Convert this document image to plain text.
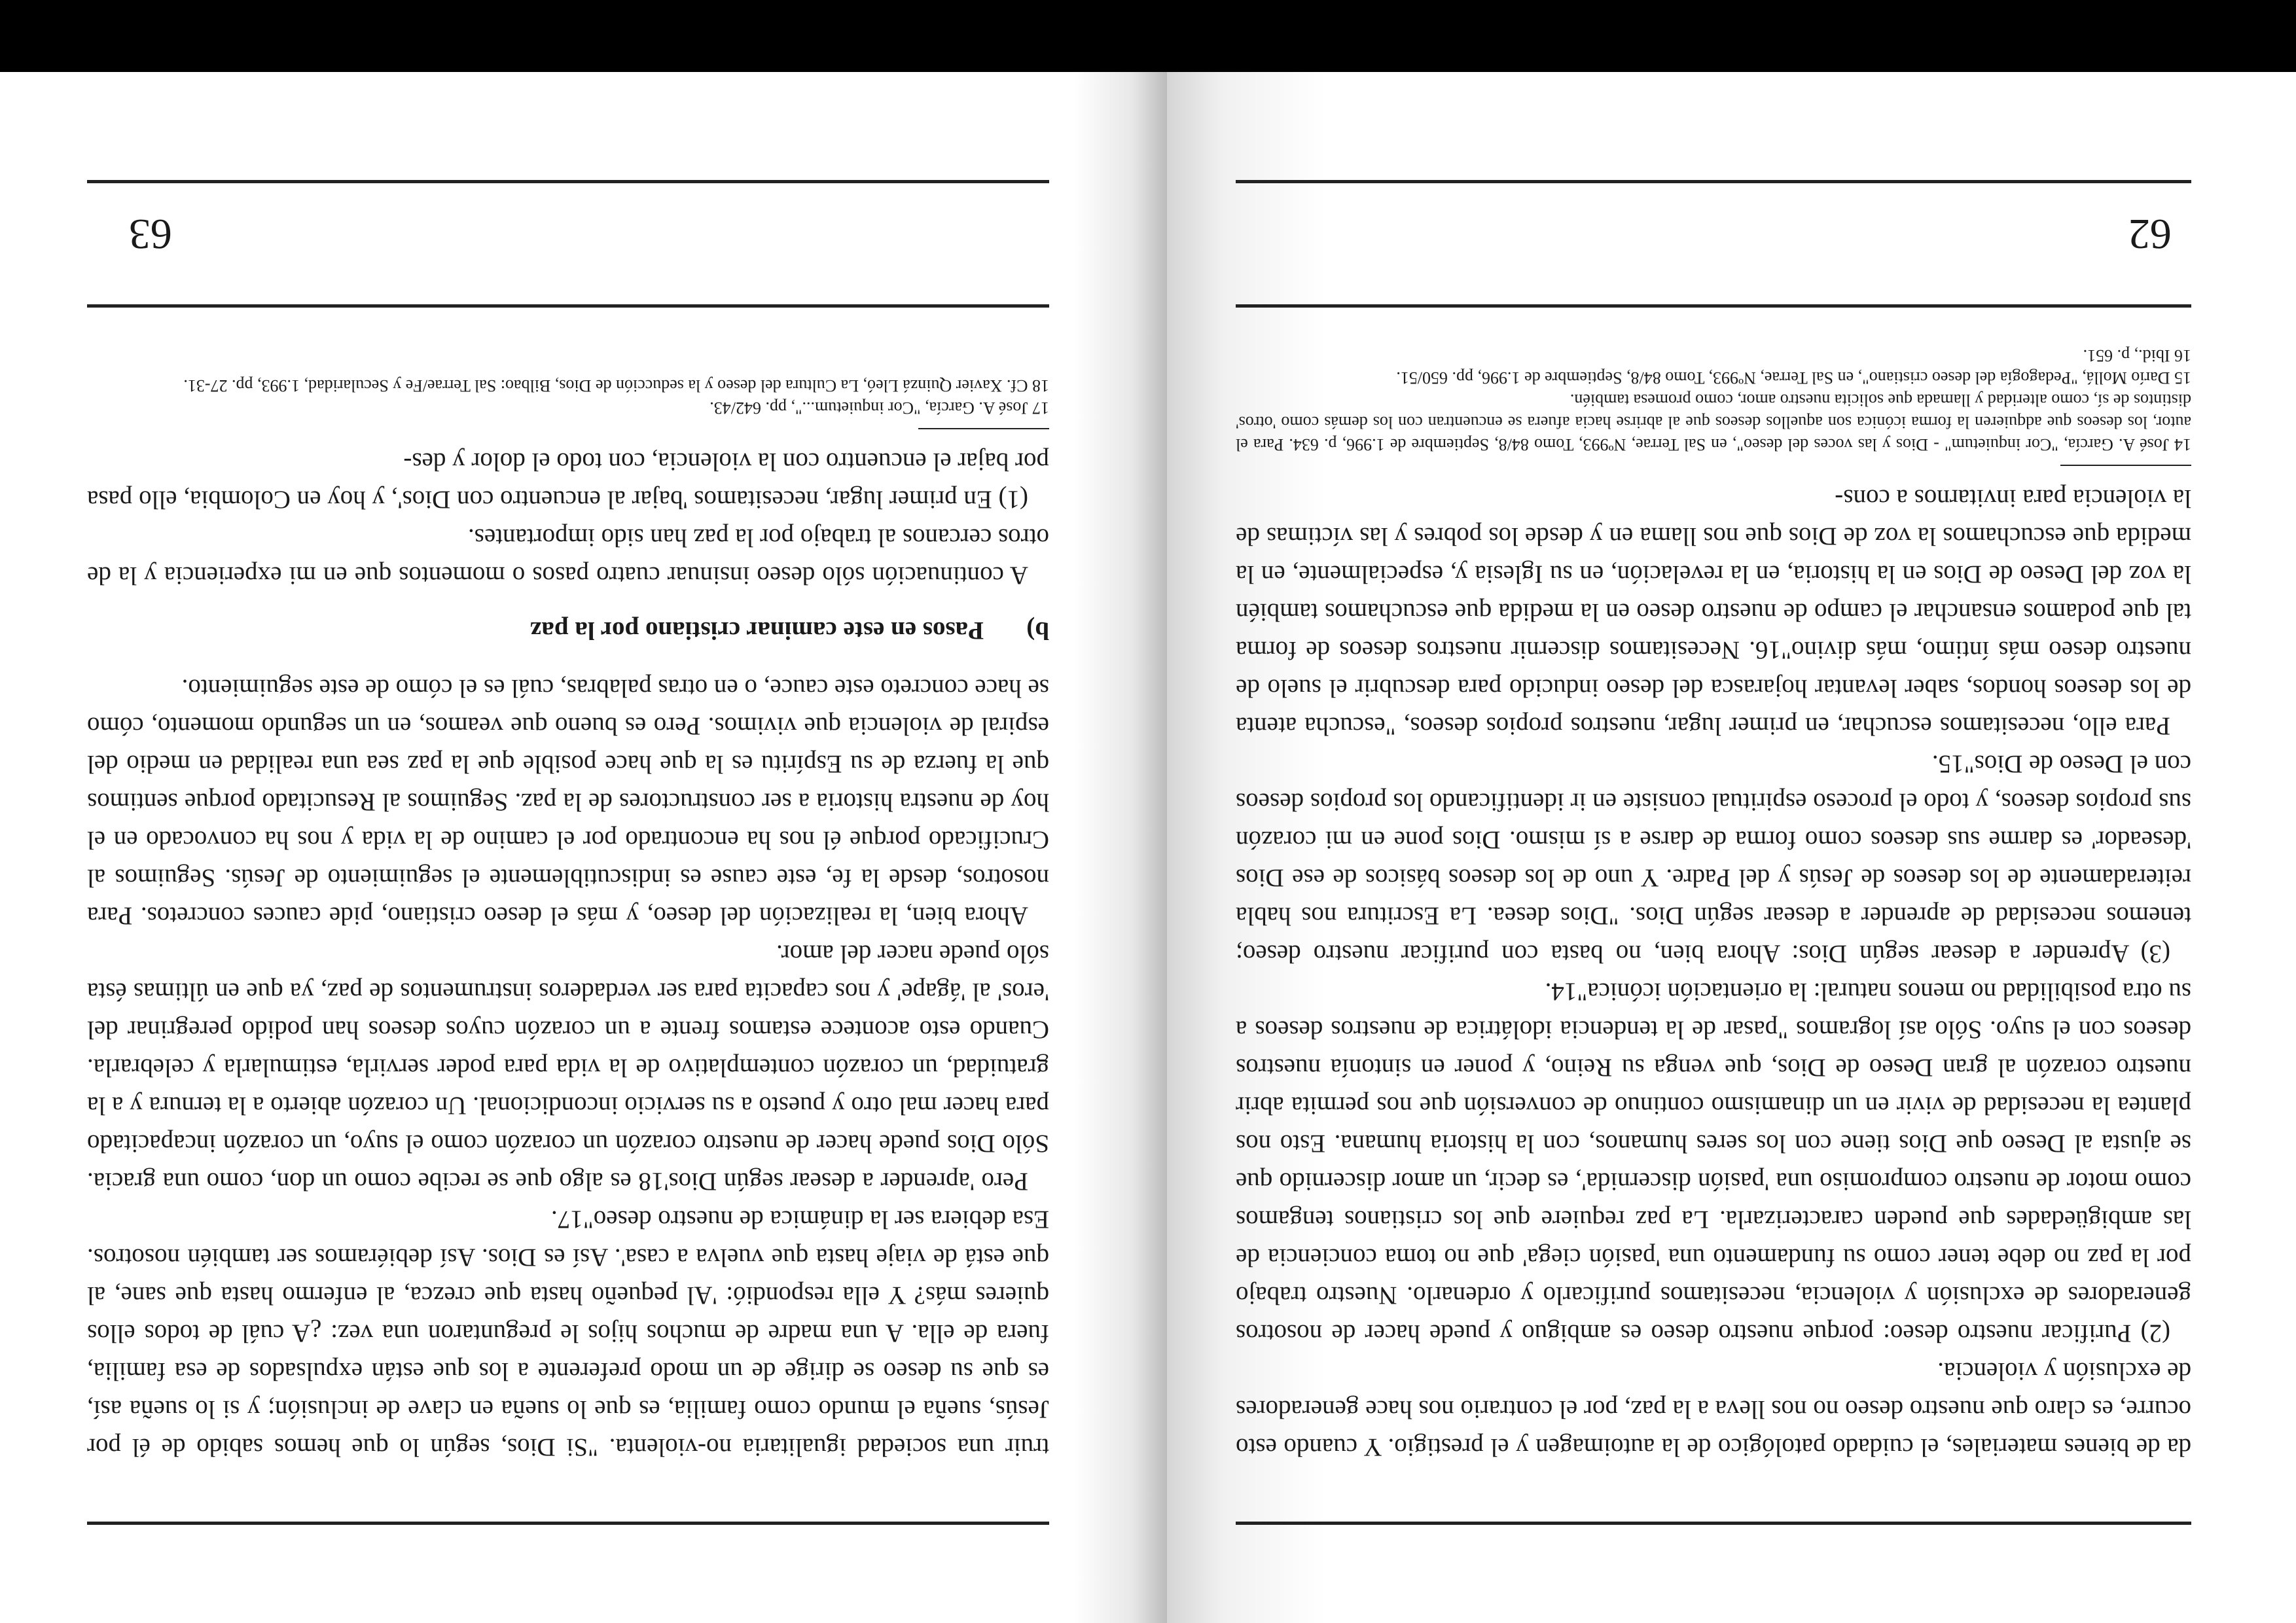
da de bienes materiales, el cuidado patológico de la autoimagen y el prestigio. Y cuando esto ocurre, es claro que nuestro deseo no nos lleva a la paz, por el contrario nos hace generadores de exclusión y violencia.

(2) Purificar nuestro deseo: porque nuestro deseo es ambiguo y puede hacer de nosotros generadores de exclusión y violencia, necesitamos purificarlo y ordenarlo. Nuestro trabajo por la paz no debe tener como su fundamento una 'pasión ciega' que no toma conciencia de las ambigüedades que pueden caracterizarla. La paz requiere que los cristianos tengamos como motor de nuestro compromiso una 'pasión discernida', es decir, un amor discernido que se ajusta al Deseo que Dios tiene con los seres humanos, con la historia humana. Esto nos plantea la necesidad de vivir en un dinamismo continuo de conversión que nos permita abrir nuestro corazón al gran Deseo de Dios, que venga su Reino, y poner en sintonía nuestros deseos con el suyo. Sólo así logramos "pasar de la tendencia idolátrica de nuestros deseos a su otra posibilidad no menos natural: la orientación icónica"14.

(3) Aprender a desear según Dios: Ahora bien, no basta con purificar nuestro deseo; tenemos necesidad de aprender a desear según Dios. "Dios desea. La Escritura nos habla reiteradamente de los deseos de Jesús y del Padre. Y uno de los deseos básicos de ese Dios 'deseador' es darme sus deseos como forma de darse a sí mismo. Dios pone en mi corazón sus propios deseos, y todo el proceso espiritual consiste en ir identificando los propios deseos con el Deseo de Dios"15.

Para ello, necesitamos escuchar, en primer lugar, nuestros propios deseos, "escucha atenta de los deseos hondos, saber levantar hojarasca del deseo inducido para descubrir el suelo de nuestro deseo más íntimo, más divino"16. Necesitamos discernir nuestros deseos de forma tal que podamos ensanchar el campo de nuestro deseo en la medida que escuchamos también la voz del Deseo de Dios en la historia, en la revelación, en su Iglesia y, especialmente, en la medida que escuchamos la voz de Dios que nos llama en y desde los pobres y las víctimas de la violencia para invitarnos a cons-

14 José A. García, "Cor inquietum" - Dios y las voces del deseo", en Sal Terrae, Nº993, Tomo 84/8, Septiembre de 1.996, p. 634. Para el autor, los deseos que adquieren la forma icónica son aquellos deseos que al abrirse hacia afuera se encuentran con los demás como 'otros' distintos de sí, como alteridad y llamada que solicita nuestro amor, como promesa también.

15 Darío Mollá, "Pedagogía del deseo cristiano", en Sal Terrae, Nº993, Tomo 84/8, Septiembre de 1.996, pp. 650/51.

16 Ibid., p. 651.

62

truir una sociedad igualitaria no-violenta. "Si Dios, según lo que hemos sabido de él por Jesús, sueña el mundo como familia, es que lo sueña en clave de inclusión; y si lo sueña así, es que su deseo se dirige de un modo preferente a los que están expulsados de esa familia, fuera de ella. A una madre de muchos hijos le preguntaron una vez: ¿A cuál de todos ellos quieres más? Y ella respondió: 'Al pequeño hasta que crezca, al enfermo hasta que sane, al que está de viaje hasta que vuelva a casa'. Así es Dios. Así debiéramos ser también nosotros. Esa debiera ser la dinámica de nuestro deseo"17.

Pero 'aprender a desear según Dios'18 es algo que se recibe como un don, como una gracia. Sólo Dios puede hacer de nuestro corazón un corazón como el suyo, un corazón incapacitado para hacer mal otro y puesto a su servicio incondicional. Un corazón abierto a la ternura y a la gratuidad, un corazón contemplativo de la vida para poder servirla, estimularla y celebrarla. Cuando esto acontece estamos frente a un corazón cuyos deseos han podido peregrinar del 'eros' al 'ágape' y nos capacita para ser verdaderos instrumentos de paz, ya que en últimas ésta sólo puede nacer del amor.

Ahora bien, la realización del deseo, y más el deseo cristiano, pide cauces concretos. Para nosotros, desde la fe, este cause es indiscutiblemente el seguimiento de Jesús. Seguimos al Crucificado porque él nos ha encontrado por el camino de la vida y nos ha convocado en el hoy de nuestra historia a ser constructores de la paz. Seguimos al Resucitado porque sentimos que la fuerza de su Espíritu es la que hace posible que la paz sea una realidad en medio del espiral de violencia que vivimos. Pero es bueno que veamos, en un segundo momento, cómo se hace concreto este cauce, o en otras palabras, cuál es el cómo de este seguimiento.

b)Pasos en este caminar cristiano por la paz

A continuación sólo deseo insinuar cuatro pasos o momentos que en mi experiencia y la de otros cercanos al trabajo por la paz han sido importantes.

(1) En primer lugar, necesitamos 'bajar al encuentro con Dios', y hoy en Colombia, ello pasa por bajar el encuentro con la violencia, con todo el dolor y des-

17 José A. García, "Cor inquietum...", pp. 642/43.

18 Cf. Xavier Quinzá Lleó, La Cultura del deseo y la seducción de Dios, Bilbao: Sal Terrae/Fe y Secularidad, 1.993, pp. 27-31.

63
